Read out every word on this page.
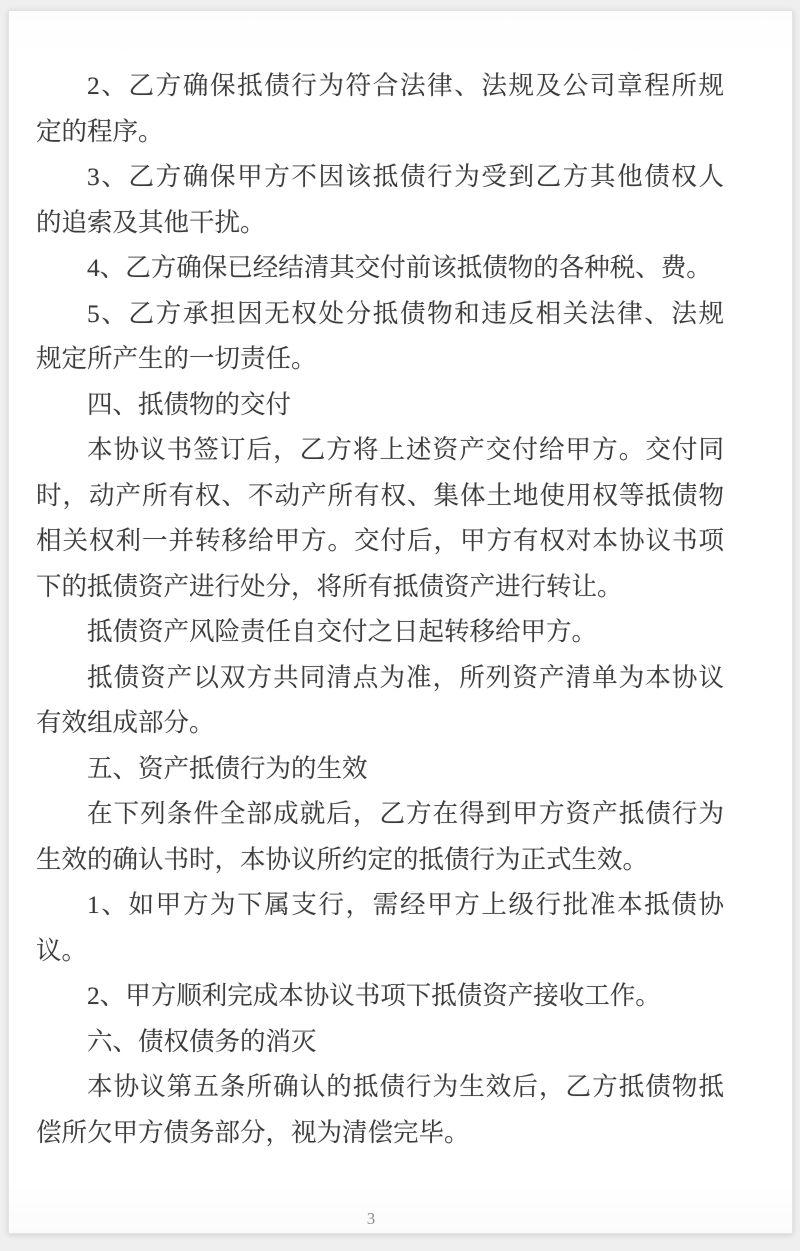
2、乙方确保抵债行为符合法律、法规及公司章程所规
定的程序。
3、乙方确保甲方不因该抵债行为受到乙方其他债权人
的追索及其他干扰。
4、乙方确保已经结清其交付前该抵债物的各种税、费。
5、乙方承担因无权处分抵债物和违反相关法律、法规
规定所产生的一切责任。
四、抵债物的交付
本协议书签订后，乙方将上述资产交付给甲方。交付同
时，动产所有权、不动产所有权、集体土地使用权等抵债物
相关权利一并转移给甲方。交付后，甲方有权对本协议书项
下的抵债资产进行处分，将所有抵债资产进行转让。
抵债资产风险责任自交付之日起转移给甲方。
抵债资产以双方共同清点为准，所列资产清单为本协议
有效组成部分。
五、资产抵债行为的生效
在下列条件全部成就后，乙方在得到甲方资产抵债行为
生效的确认书时，本协议所约定的抵债行为正式生效。
1、如甲方为下属支行，需经甲方上级行批准本抵债协
议。
2、甲方顺利完成本协议书项下抵债资产接收工作。
六、债权债务的消灭
本协议第五条所确认的抵债行为生效后，乙方抵债物抵
偿所欠甲方债务部分，视为清偿完毕。
3
